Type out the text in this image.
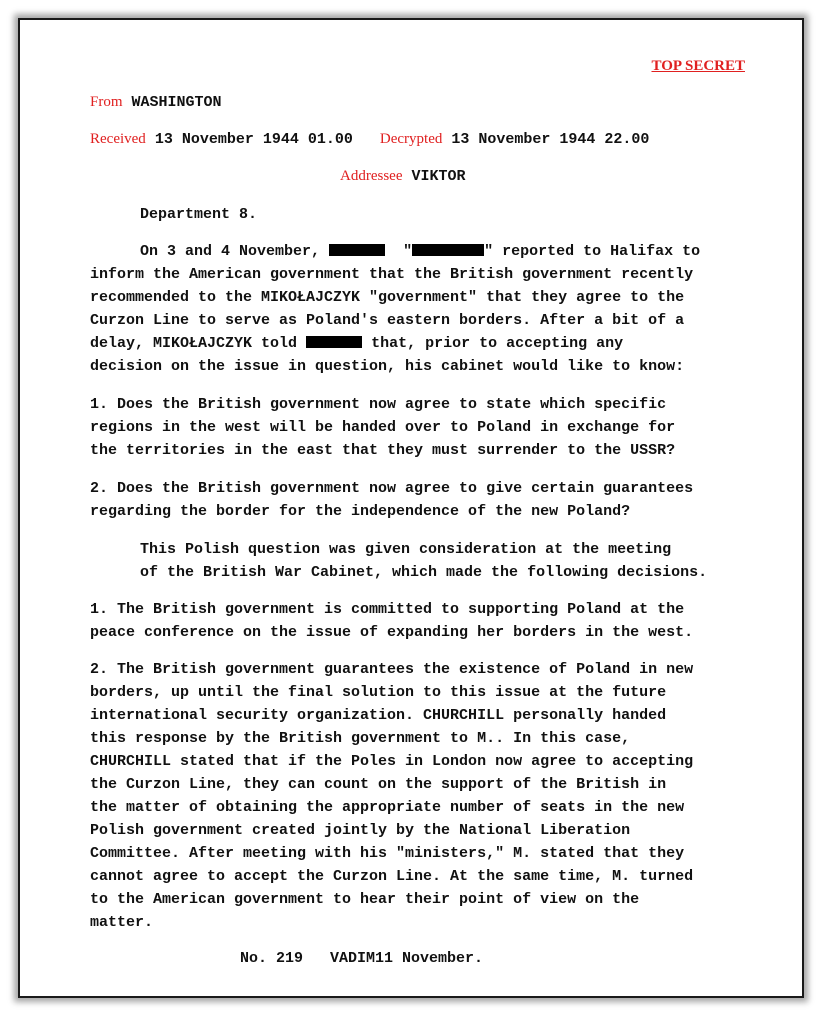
TOP SECRET
From WASHINGTON
Received 13 November 1944 01.00 Decrypted 13 November 1944 22.00
Addressee VIKTOR
Department 8.
On 3 and 4 November,	"	" reported to Halifax to
inform the American government that the British government recently
recommended to the MIKOŁAJCZYK "government" that they agree to the
Curzon Line to serve as Poland's eastern borders. After a bit of a
delay, MIKOŁAJCZYK told	that, prior to accepting any
decision on the issue in question, his cabinet would like to know:
1. Does the British government now agree to state which specific
regions in the west will be handed over to Poland in exchange for
the territories in the east that they must surrender to the USSR?
2. Does the British government now agree to give certain guarantees
regarding the border for the independence of the new Poland?
This Polish question was given consideration at the meeting
of the British War Cabinet, which made the following decisions.
1. The British government is committed to supporting Poland at the
peace conference on the issue of expanding her borders in the west.
2. The British government guarantees the existence of Poland in new
borders, up until the final solution to this issue at the future
international security organization. CHURCHILL personally handed
this response by the British government to M.. In this case,
CHURCHILL stated that if the Poles in London now agree to accepting
the Curzon Line, they can count on the support of the British in
the matter of obtaining the appropriate number of seats in the new
Polish government created jointly by the National Liberation
Committee. After meeting with his "ministers," M. stated that they
cannot agree to accept the Curzon Line. At the same time, M. turned
to the American government to hear their point of view on the
matter.
No. 219 VADIM11 November.
